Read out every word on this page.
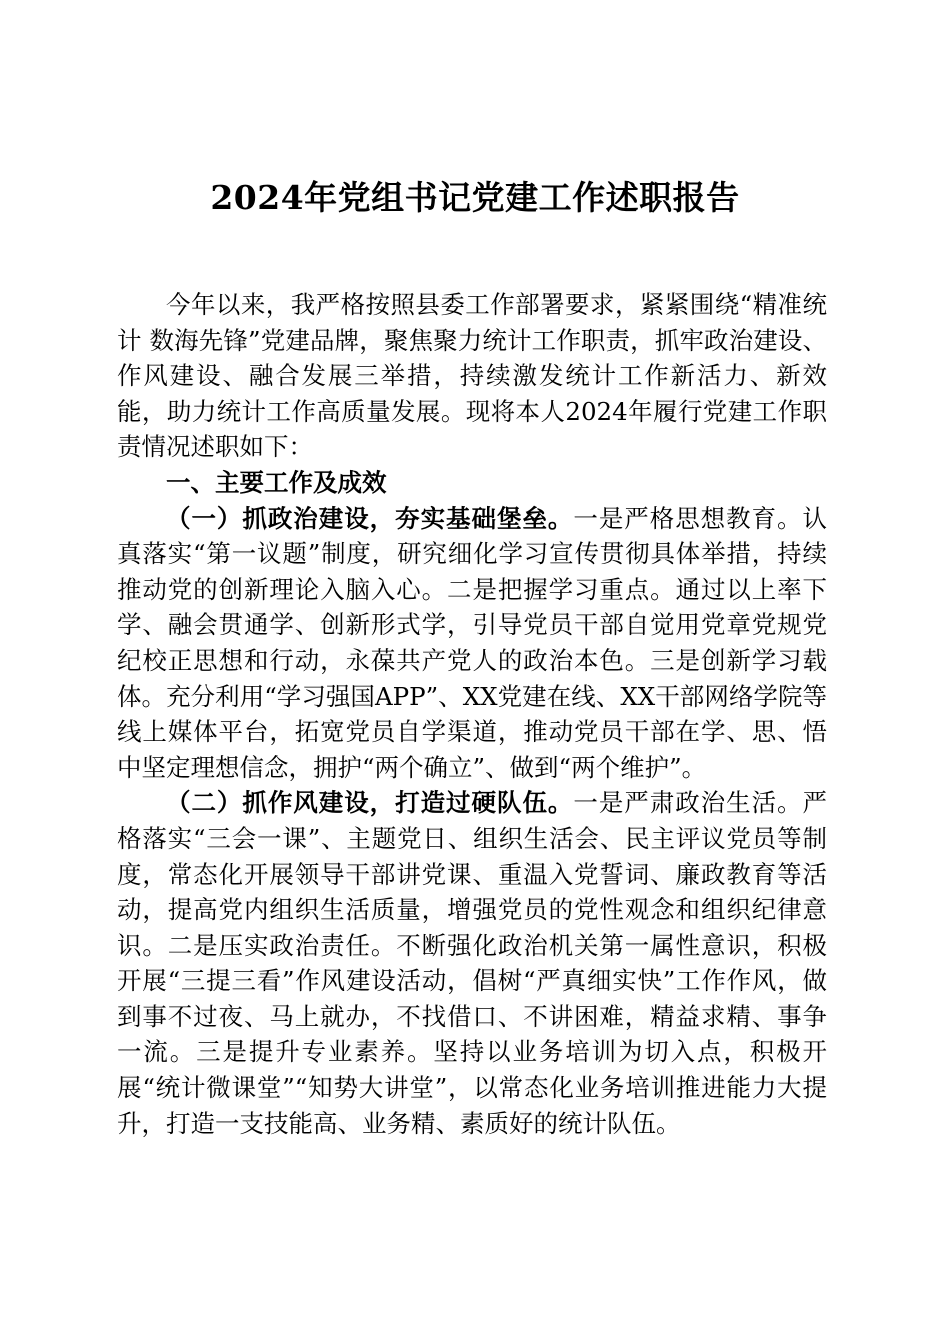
2024年党组书记党建工作述职报告

今年以来，我严格按照县委工作部署要求，紧紧围绕“精准统计 数海先锋”党建品牌，聚焦聚力统计工作职责，抓牢政治建设、作风建设、融合发展三举措，持续激发统计工作新活力、新效能，助力统计工作高质量发展。现将本人2024年履行党建工作职责情况述职如下：

一、主要工作及成效

（一）抓政治建设，夯实基础堡垒。一是严格思想教育。认真落实“第一议题”制度，研究细化学习宣传贯彻具体举措，持续推动党的创新理论入脑入心。二是把握学习重点。通过以上率下学、融会贯通学、创新形式学，引导党员干部自觉用党章党规党纪校正思想和行动，永葆共产党人的政治本色。三是创新学习载体。充分利用“学习强国APP”、XX党建在线、XX干部网络学院等线上媒体平台，拓宽党员自学渠道，推动党员干部在学、思、悟中坚定理想信念，拥护“两个确立”、做到“两个维护”。

（二）抓作风建设，打造过硬队伍。一是严肃政治生活。严格落实“三会一课”、主题党日、组织生活会、民主评议党员等制度，常态化开展领导干部讲党课、重温入党誓词、廉政教育等活动，提高党内组织生活质量，增强党员的党性观念和组织纪律意识。二是压实政治责任。不断强化政治机关第一属性意识，积极开展“三提三看”作风建设活动，倡树“严真细实快”工作作风，做到事不过夜、马上就办，不找借口、不讲困难，精益求精、事争一流。三是提升专业素养。坚持以业务培训为切入点，积极开展“统计微课堂”“知势大讲堂”，以常态化业务培训推进能力大提升，打造一支技能高、业务精、素质好的统计队伍。
